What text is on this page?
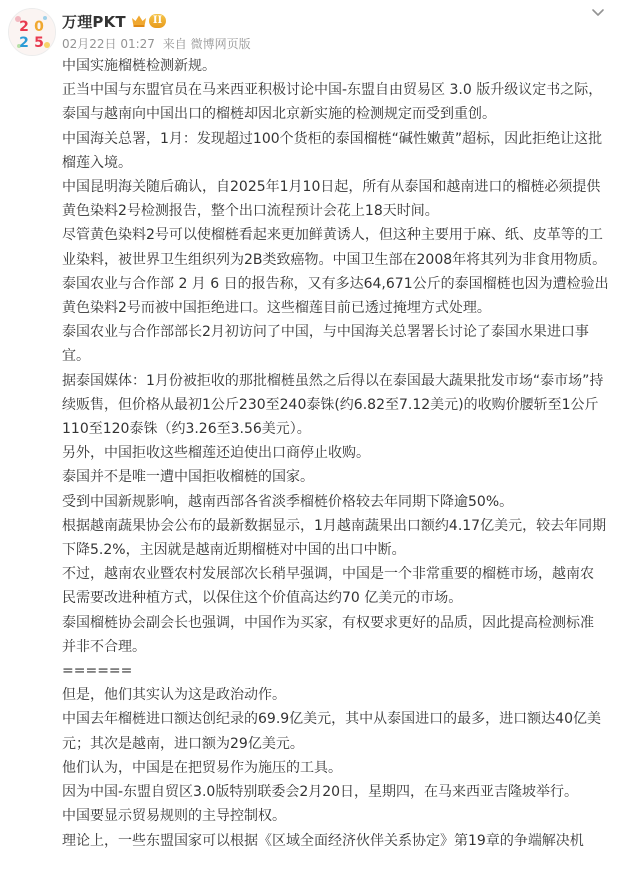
2 0
2 5
万理PKT	II
02月22日 01:27 来自 微博网页版

中国实施榴梿检测新规。

正当中国与东盟官员在马来西亚积极讨论中国-东盟自由贸易区 3.0 版升级议定书之际，

泰国与越南向中国出口的榴梿却因北京新实施的检测规定而受到重创。

中国海关总署，1月：发现超过100个货柜的泰国榴梿“碱性嫩黄”超标，因此拒绝让这批

榴莲入境。

中国昆明海关随后确认，自2025年1月10日起，所有从泰国和越南进口的榴梿必须提供

黄色染料2号检测报告，整个出口流程预计会花上18天时间。

尽管黄色染料2号可以使榴梿看起来更加鲜黄诱人，但这种主要用于麻、纸、皮革等的工

业染料，被世界卫生组织列为2B类致癌物。中国卫生部在2008年将其列为非食用物质。

泰国农业与合作部 2 月 6 日的报告称，又有多达64,671公斤的泰国榴梿也因为遭检验出

黄色染料2号而被中国拒绝进口。这些榴莲目前已透过掩埋方式处理。

泰国农业与合作部部长2月初访问了中国，与中国海关总署署长讨论了泰国水果进口事

宜。

据泰国媒体：1月份被拒收的那批榴梿虽然之后得以在泰国最大蔬果批发市场“泰市场”持

续贩售，但价格从最初1公斤230至240泰铢(约6.82至7.12美元)的收购价腰斩至1公斤

110至120泰铢（约3.26至3.56美元）。

另外，中国拒收这些榴莲还迫使出口商停止收购。

泰国并不是唯一遭中国拒收榴梿的国家。

受到中国新规影响，越南西部各省淡季榴梿价格较去年同期下降逾50%。

根据越南蔬果协会公布的最新数据显示，1月越南蔬果出口额约4.17亿美元，较去年同期

下降5.2%，主因就是越南近期榴梿对中国的出口中断。

不过，越南农业暨农村发展部次长稍早强调，中国是一个非常重要的榴梿市场，越南农

民需要改进种植方式，以保住这个价值高达约70 亿美元的市场。

泰国榴梿协会副会长也强调，中国作为买家，有权要求更好的品质，因此提高检测标准

并非不合理。

======

但是，他们其实认为这是政治动作。

中国去年榴梿进口额达创纪录的69.9亿美元，其中从泰国进口的最多，进口额达40亿美

元；其次是越南，进口额为29亿美元。

他们认为，中国是在把贸易作为施压的工具。

因为中国-东盟自贸区3.0版特别联委会2月20日，星期四，在马来西亚吉隆坡举行。

中国要显示贸易规则的主导控制权。

理论上，一些东盟国家可以根据《区域全面经济伙伴关系协定》第19章的争端解决机
